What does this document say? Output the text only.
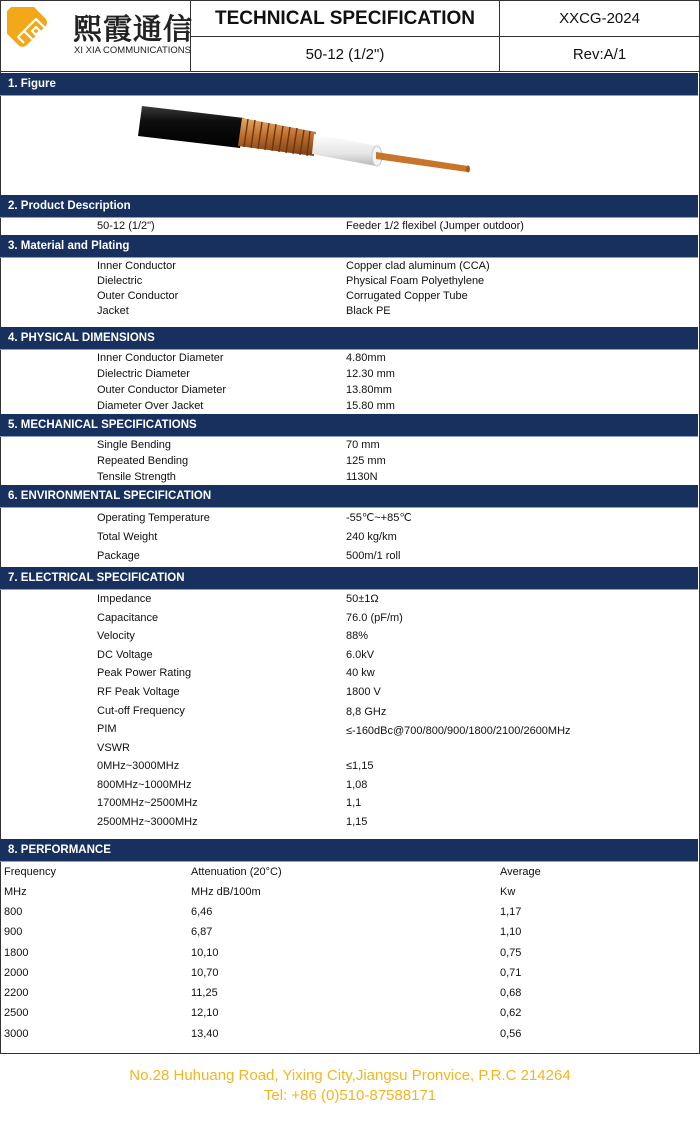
熙霞通信
XI XIA COMMUNICATIONS
TECHNICAL SPECIFICATION
50-12 (1/2")
XXCG-2024
Rev:A/1
1. Figure
2. Product Description
50-12 (1/2")	Feeder 1/2 flexibel (Jumper outdoor)
3. Material and Plating
Inner Conductor	Copper clad aluminum (CCA)
Dielectric	Physical Foam Polyethylene
Outer Conductor	Corrugated Copper Tube
Jacket	Black PE
4. PHYSICAL DIMENSIONS
Inner Conductor Diameter	4.80mm
Dielectric Diameter	12.30 mm
Outer Conductor Diameter	13.80mm
Diameter Over Jacket	15.80 mm
5. MECHANICAL SPECIFICATIONS
Single Bending	70 mm
Repeated Bending	125 mm
Tensile Strength	1130N
6. ENVIRONMENTAL SPECIFICATION
Operating Temperature	-55℃~+85℃
Total Weight	240 kg/km
Package	500m/1 roll
7. ELECTRICAL SPECIFICATION
Impedance	50±1Ω
Capacitance	76.0 (pF/m)
Velocity	88%
DC Voltage	6.0kV
Peak Power Rating	40 kw
RF Peak Voltage	1800 V
Cut-off Frequency	8,8 GHz
PIM	≤-160dBc@700/800/900/1800/2100/2600MHz
VSWR
0MHz~3000MHz	≤1,15
800MHz~1000MHz	1,08
1700MHz~2500MHz	1,1
2500MHz~3000MHz	1,15
8. PERFORMANCE
Frequency	Attenuation (20°C)	Average
MHz	MHz dB/100m	Kw
800	6,46	1,17
900	6,87	1,10
1800	10,10	0,75
2000	10,70	0,71
2200	11,25	0,68
2500	12,10	0,62
3000	13,40	0,56
No.28 Huhuang Road, Yixing City,Jiangsu Pronvice, P.R.C 214264
Tel: +86 (0)510-87588171
